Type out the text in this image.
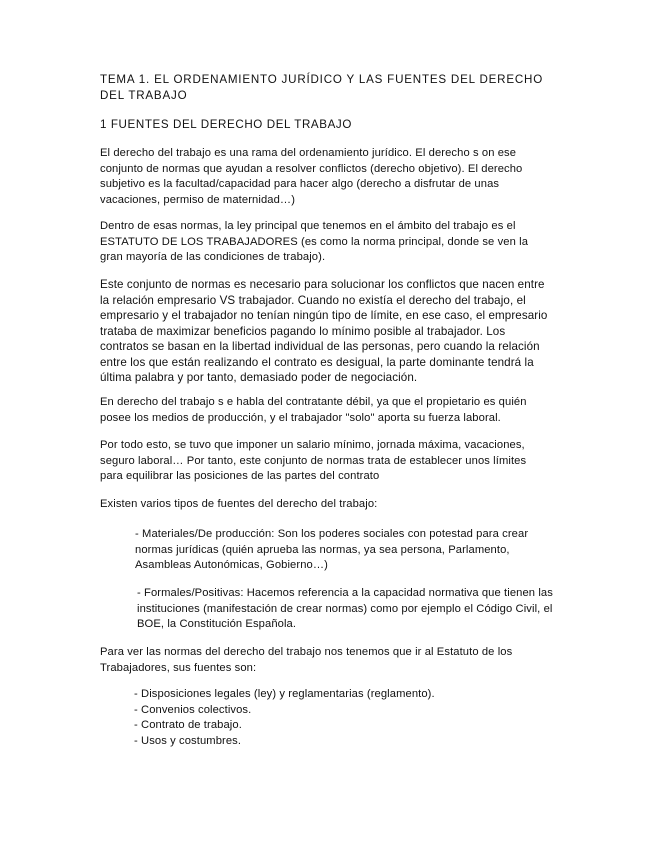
TEMA 1. EL ORDENAMIENTO JURÍDICO Y LAS FUENTES DEL DERECHO DEL TRABAJO
1 FUENTES DEL DERECHO DEL TRABAJO
El derecho del trabajo es una rama del ordenamiento jurídico. El derecho s on ese conjunto de normas que ayudan a resolver conflictos (derecho objetivo). El derecho subjetivo es la facultad/capacidad para hacer algo (derecho a disfrutar de unas vacaciones, permiso de maternidad…)
Dentro de esas normas, la ley principal que tenemos en el ámbito del trabajo es el ESTATUTO DE LOS TRABAJADORES (es como la norma principal, donde se ven la gran mayoría de las condiciones de trabajo).
Este conjunto de normas es necesario para solucionar los conflictos que nacen entre la relación empresario VS trabajador. Cuando no existía el derecho del trabajo, el empresario y el trabajador no tenían ningún tipo de límite, en ese caso, el empresario trataba de maximizar beneficios pagando lo mínimo posible al trabajador. Los contratos se basan en la libertad individual de las personas, pero cuando la relación entre los que están realizando el contrato es desigual, la parte dominante tendrá la última palabra y por tanto, demasiado poder de negociación.
En derecho del trabajo s e habla del contratante débil, ya que el propietario es quién posee los medios de producción, y el trabajador "solo" aporta su fuerza laboral.
Por todo esto, se tuvo que imponer un salario mínimo, jornada máxima, vacaciones, seguro laboral… Por tanto, este conjunto de normas trata de establecer unos límites para equilibrar las posiciones de las partes del contrato
Existen varios tipos de fuentes del derecho del trabajo:
- Materiales/De producción: Son los poderes sociales con potestad para crear normas jurídicas (quién aprueba las normas, ya sea persona, Parlamento, Asambleas Autonómicas, Gobierno…)
- Formales/Positivas: Hacemos referencia a la capacidad normativa que tienen las instituciones (manifestación de crear normas) como por ejemplo el Código Civil, el BOE, la Constitución Española.
Para ver las normas del derecho del trabajo nos tenemos que ir al Estatuto de los Trabajadores, sus fuentes son:
- Disposiciones legales (ley) y reglamentarias (reglamento).
- Convenios colectivos.
- Contrato de trabajo.
- Usos y costumbres.
